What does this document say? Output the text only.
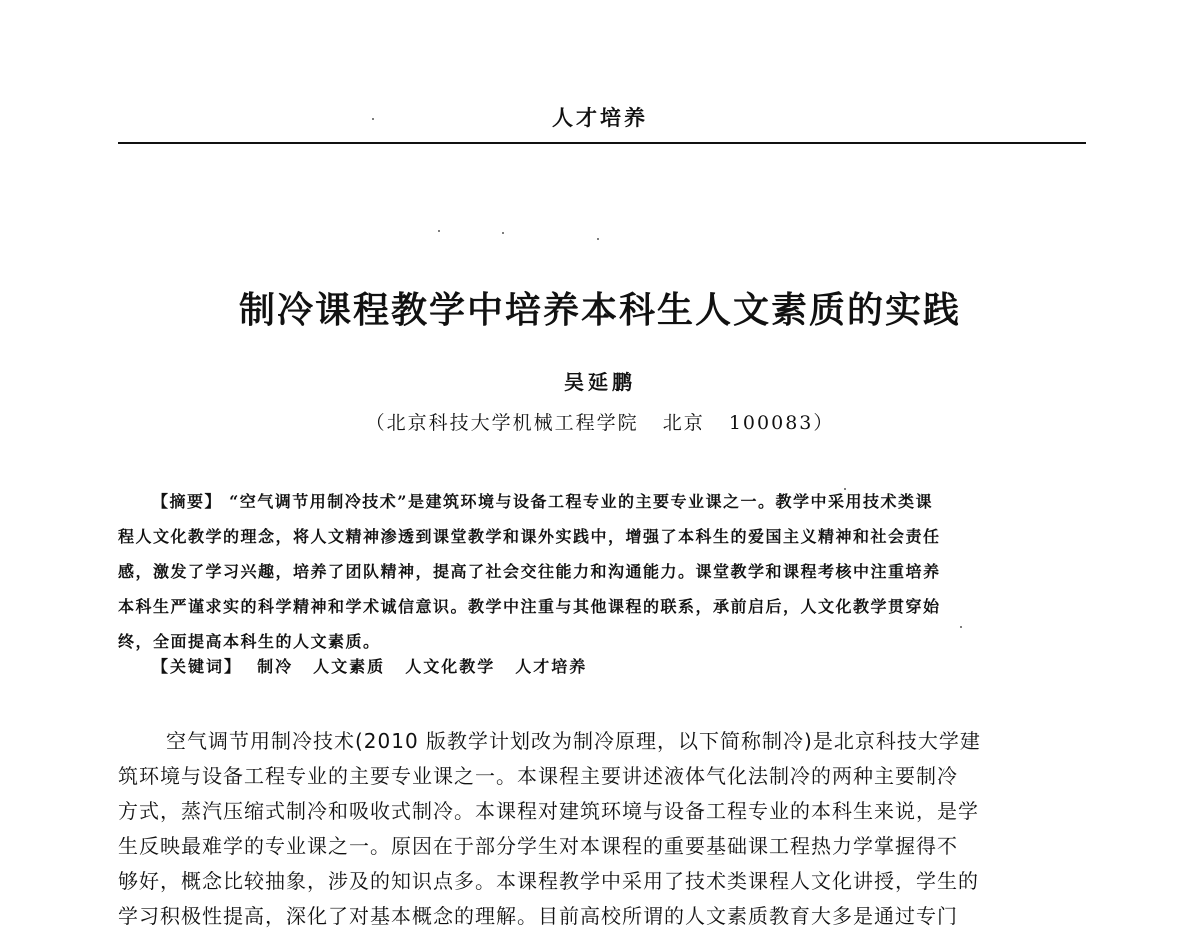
人才培养
制冷课程教学中培养本科生人文素质的实践
吴延鹏
（北京科技大学机械工程学院   北京   100083）
【摘要】 “空气调节用制冷技术”是建筑环境与设备工程专业的主要专业课之一。教学中采用技术类课
程人文化教学的理念，将人文精神渗透到课堂教学和课外实践中，增强了本科生的爱国主义精神和社会责任
感，激发了学习兴趣，培养了团队精神，提高了社会交往能力和沟通能力。课堂教学和课程考核中注重培养
本科生严谨求实的科学精神和学术诚信意识。教学中注重与其他课程的联系，承前启后，人文化教学贯穿始
终，全面提高本科生的人文素质。
【关键词】 制冷 人文素质 人文化教学 人才培养
空气调节用制冷技术(2010 版教学计划改为制冷原理，以下简称制冷)是北京科技大学建
筑环境与设备工程专业的主要专业课之一。本课程主要讲述液体气化法制冷的两种主要制冷
方式，蒸汽压缩式制冷和吸收式制冷。本课程对建筑环境与设备工程专业的本科生来说，是学
生反映最难学的专业课之一。原因在于部分学生对本课程的重要基础课工程热力学掌握得不
够好，概念比较抽象，涉及的知识点多。本课程教学中采用了技术类课程人文化讲授，学生的
学习积极性提高，深化了对基本概念的理解。目前高校所谓的人文素质教育大多是通过专门
